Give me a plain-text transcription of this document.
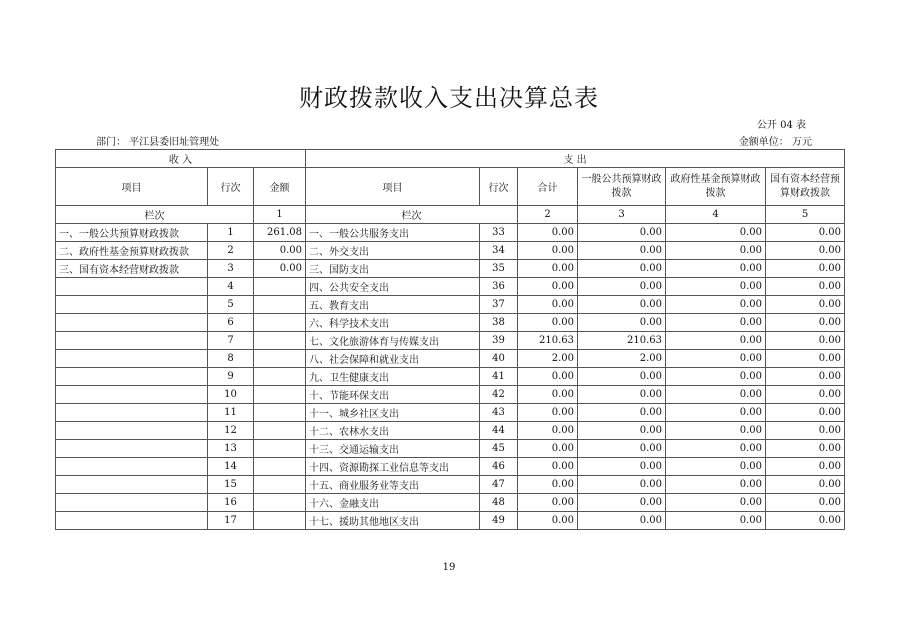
财政拨款收入支出决算总表
公开 04 表
部门： 平江县委旧址管理处	金额单位： 万元
收 入			支 出					
项目	行次	金额	项目	行次	合计	一般公共预算财政拨款	政府性基金预算财政拨款	国有资本经营预算财政拨款
栏次		1	栏次		2	3	4	5
一、一般公共预算财政拨款	1	261.08	一、一般公共服务支出	33	0.00	0.00	0.00	0.00
二、政府性基金预算财政拨款	2	0.00	二、外交支出	34	0.00	0.00	0.00	0.00
三、国有资本经营财政拨款	3	0.00	三、国防支出	35	0.00	0.00	0.00	0.00
	4		四、公共安全支出	36	0.00	0.00	0.00	0.00
	5		五、教育支出	37	0.00	0.00	0.00	0.00
	6		六、科学技术支出	38	0.00	0.00	0.00	0.00
	7		七、文化旅游体育与传媒支出	39	210.63	210.63	0.00	0.00
	8		八、社会保障和就业支出	40	2.00	2.00	0.00	0.00
	9		九、卫生健康支出	41	0.00	0.00	0.00	0.00
	10		十、节能环保支出	42	0.00	0.00	0.00	0.00
	11		十一、城乡社区支出	43	0.00	0.00	0.00	0.00
	12		十二、农林水支出	44	0.00	0.00	0.00	0.00
	13		十三、交通运输支出	45	0.00	0.00	0.00	0.00
	14		十四、资源勘探工业信息等支出	46	0.00	0.00	0.00	0.00
	15		十五、商业服务业等支出	47	0.00	0.00	0.00	0.00
	16		十六、金融支出	48	0.00	0.00	0.00	0.00
	17		十七、援助其他地区支出	49	0.00	0.00	0.00	0.00
19
